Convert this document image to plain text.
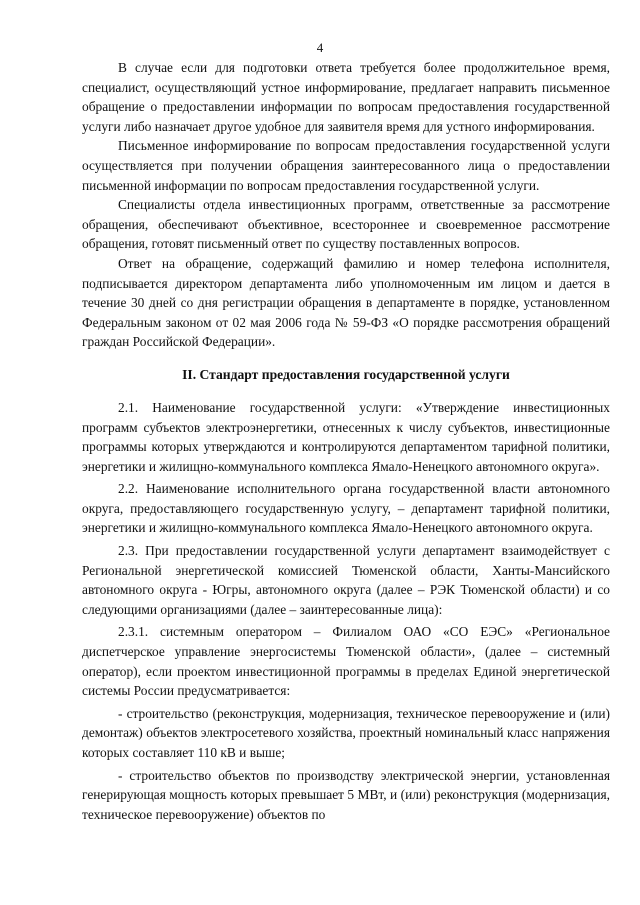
4

В случае если для подготовки ответа требуется более продолжительное время, специалист, осуществляющий устное информирование, предлагает направить письменное обращение о предоставлении информации по вопросам предоставления государственной услуги либо назначает другое удобное для заявителя время для устного информирования.

Письменное информирование по вопросам предоставления государственной услуги осуществляется при получении обращения заинтересованного лица о предоставлении письменной информации по вопросам предоставления государственной услуги.

Специалисты отдела инвестиционных программ, ответственные за рассмотрение обращения, обеспечивают объективное, всестороннее и своевременное рассмотрение обращения, готовят письменный ответ по существу поставленных вопросов.

Ответ на обращение, содержащий фамилию и номер телефона исполнителя, подписывается директором департамента либо уполномоченным им лицом и дается в течение 30 дней со дня регистрации обращения в департаменте в порядке, установленном Федеральным законом от 02 мая 2006 года № 59-ФЗ «О порядке рассмотрения обращений граждан Российской Федерации».

II. Стандарт предоставления государственной услуги

2.1. Наименование государственной услуги: «Утверждение инвестиционных программ субъектов электроэнергетики, отнесенных к числу субъектов, инвестиционные программы которых утверждаются и контролируются департаментом тарифной политики, энергетики и жилищно-коммунального комплекса Ямало-Ненецкого автономного округа».

2.2. Наименование исполнительного органа государственной власти автономного округа, предоставляющего государственную услугу, – департамент тарифной политики, энергетики и жилищно-коммунального комплекса Ямало-Ненецкого автономного округа.

2.3. При предоставлении государственной услуги департамент взаимодействует с Региональной энергетической комиссией Тюменской области, Ханты-Мансийского автономного округа - Югры, автономного округа (далее – РЭК Тюменской области) и со следующими организациями (далее – заинтересованные лица):

2.3.1. системным оператором – Филиалом ОАО «СО ЕЭС» «Региональное диспетчерское управление энергосистемы Тюменской области», (далее – системный оператор), если проектом инвестиционной программы в пределах Единой энергетической системы России предусматривается:

- строительство (реконструкция, модернизация, техническое перевооружение и (или) демонтаж) объектов электросетевого хозяйства, проектный номинальный класс напряжения которых составляет 110 кВ и выше;

- строительство объектов по производству электрической энергии, установленная генерирующая мощность которых превышает 5 МВт, и (или) реконструкция (модернизация, техническое перевооружение) объектов по
